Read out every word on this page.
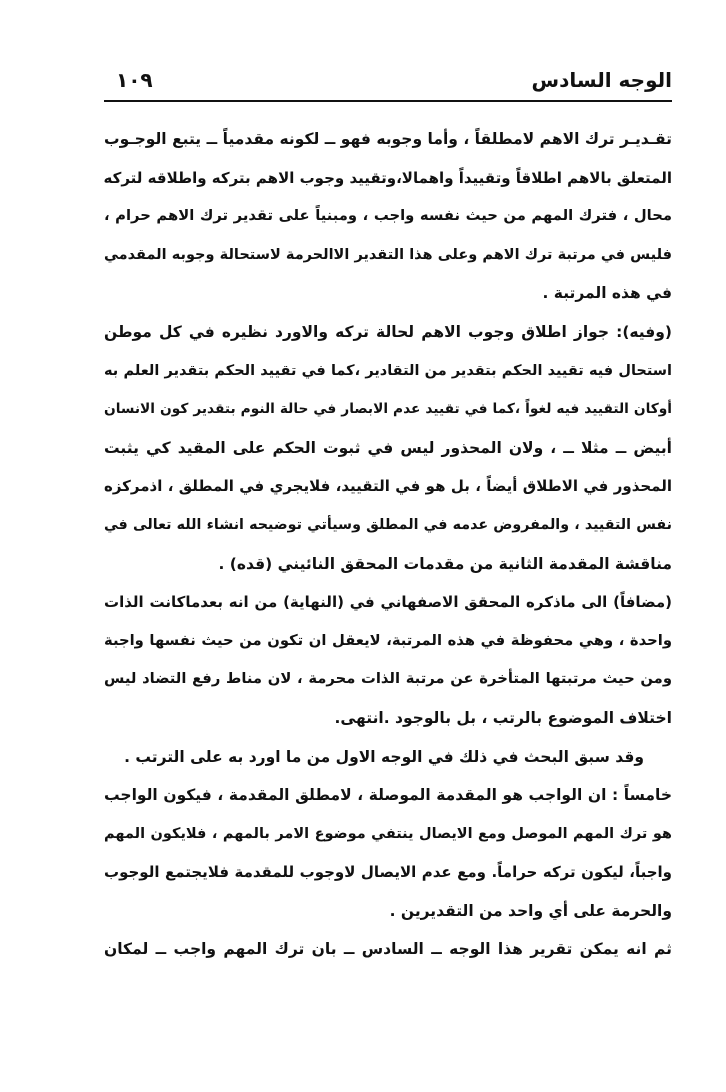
الوجه السادس
١٠٩
تقـديـر ترك الاهم لامطلقاً ، وأما وجوبه فهو ــ لكونه مقدمياً ــ يتبع الوجـوب
المتعلق بالاهم اطلاقاً وتقييداً واهمالا،وتقييد وجوب الاهم بتركه واطلاقه لتركه
محال ، فترك المهم من حيث نفسه واجب ، ومبنياً على تقدير ترك الاهم حرام ،
فليس في مرتبة ترك الاهم وعلى هذا التقدير الاالحرمة لاستحالة وجوبه المقدمي
في هذه المرتبة .
(وفيه): جواز اطلاق وجوب الاهم لحالة تركه والاورد نظيره في كل موطن
استحال فيه تقييد الحكم بتقدير من التقادير ،كما في تقييد الحكم بتقدير العلم به
أوكان التقييد فيه لغواً ،كما في تقييد عدم الابصار في حالة النوم بتقدير كون الانسان
أبيض ــ مثلا ــ ، ولان المحذور ليس في ثبوت الحكم على المقيد كي يثبت
المحذور في الاطلاق أيضاً ، بل هو في التقييد، فلايجري في المطلق ، اذمركزه
نفس التقييد ، والمفروض عدمه في المطلق وسيأتي توضيحه انشاء الله تعالى في
مناقشة المقدمة الثانية من مقدمات المحقق النائيني (قده) .
(مضافاً) الى ماذكره المحقق الاصفهاني في (النهاية) من انه بعدماكانت الذات
واحدة ، وهي محفوظة في هذه المرتبة، لايعقل ان تكون من حيث نفسها واجبة
ومن حيث مرتبتها المتأخرة عن مرتبة الذات محرمة ، لان مناط رفع التضاد ليس
اختلاف الموضوع بالرتب ، بل بالوجود .انتهى.
وقد سبق البحث في ذلك في الوجه الاول من ما اورد به على الترتب .
خامساً : ان الواجب هو المقدمة الموصلة ، لامطلق المقدمة ، فيكون الواجب
هو ترك المهم الموصل ومع الايصال ينتفي موضوع الامر بالمهم ، فلايكون المهم
واجباً، ليكون تركه حراماً. ومع عدم الايصال لاوجوب للمقدمة فلايجتمع الوجوب
والحرمة على أي واحد من التقديرين .
ثم انه يمكن تقرير هذا الوجه ــ السادس ــ بان ترك المهم واجب ــ لمكان
